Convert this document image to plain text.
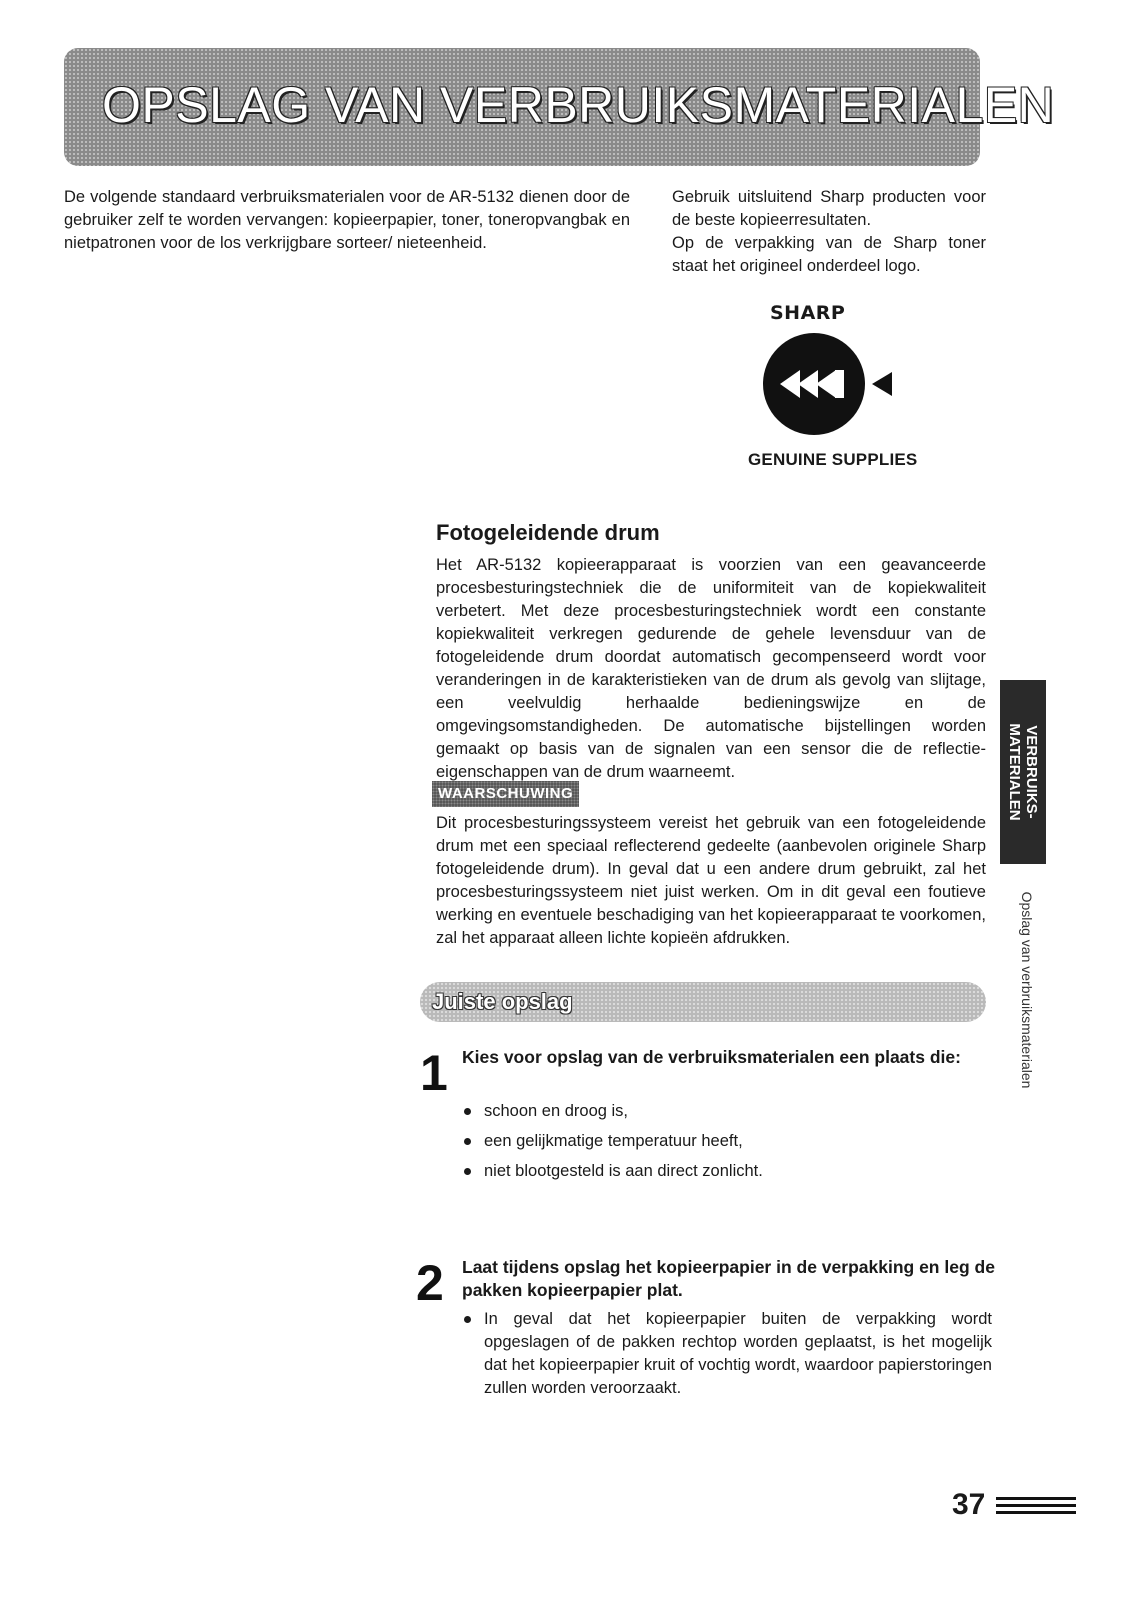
OPSLAG VAN VERBRUIKSMATERIALEN

De volgende standaard verbruiksmaterialen voor de AR-5132 dienen door de gebruiker zelf te worden vervangen: kopieerpapier, toner, toneropvangbak en nietpatronen voor de los verkrijgbare sorteer/ nieteenheid.

Gebruik uitsluitend Sharp producten voor de beste kopieerresultaten.

Op de verpakking van de Sharp toner staat het origineel onderdeel logo.

SHARP
GENUINE SUPPLIES
Fotogeleidende drum

Het AR-5132 kopieerapparaat is voorzien van een geavanceerde procesbesturingstechniek die de uniformiteit van de kopiekwaliteit verbetert. Met deze procesbesturingstechniek wordt een constante kopiekwaliteit verkregen gedurende de gehele levensduur van de fotogeleidende drum doordat automatisch gecompenseerd wordt voor veranderingen in de karakteristieken van de drum als gevolg van slijtage, een veelvuldig herhaalde bedieningswijze en de omgevingsomstandigheden. De automatische bijstellingen worden gemaakt op basis van de signalen van een sensor die de reflectie-eigenschappen van de drum waarneemt.

WAARSCHUWING

Dit procesbesturingssysteem vereist het gebruik van een fotogeleidende drum met een speciaal reflecterend gedeelte (aanbevolen originele Sharp fotogeleidende drum). In geval dat u een andere drum gebruikt, zal het procesbesturingssysteem niet juist werken. Om in dit geval een foutieve werking en eventuele beschadiging van het kopieerapparaat te voorkomen, zal het apparaat alleen lichte kopieën afdrukken.

Juiste opslag
1 Kies voor opslag van de verbruiksmaterialen een plaats die:
schoon en droog is,
een gelijkmatige temperatuur heeft,
niet blootgesteld is aan direct zonlicht.
2 Laat tijdens opslag het kopieerpapier in de verpakking en leg de pakken kopieerpapier plat.
In geval dat het kopieerpapier buiten de verpakking wordt opgeslagen of de pakken rechtop worden geplaatst, is het mogelijk dat het kopieerpapier kruit of vochtig wordt, waardoor papierstoringen zullen worden veroorzaakt.
VERBRUIKS-
MATERIALEN
Opslag van verbruiksmaterialen
37
